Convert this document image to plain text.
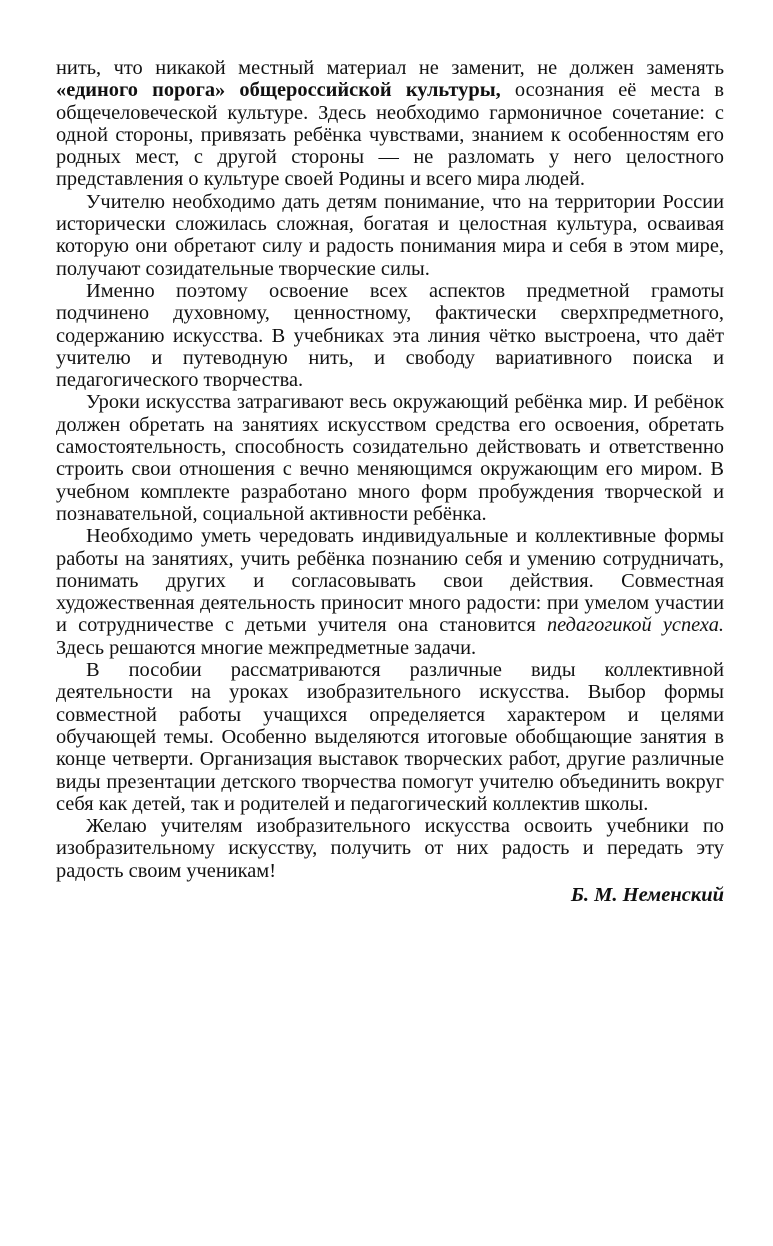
нить, что никакой местный материал не заменит, не должен заменять «единого порога» общероссийской культуры, осознания её места в общечеловеческой культуре. Здесь необходимо гармоничное сочетание: с одной стороны, привязать ребёнка чувствами, знанием к особенностям его родных мест, с другой стороны — не разломать у него целостного представления о культуре своей Родины и всего мира людей.

Учителю необходимо дать детям понимание, что на территории России исторически сложилась сложная, богатая и целостная культура, осваивая которую они обретают силу и радость понимания мира и себя в этом мире, получают созидательные творческие силы.

Именно поэтому освоение всех аспектов предметной грамоты подчинено духовному, ценностному, фактически сверхпредметного, содержанию искусства. В учебниках эта линия чётко выстроена, что даёт учителю и путеводную нить, и свободу вариативного поиска и педагогического творчества.

Уроки искусства затрагивают весь окружающий ребёнка мир. И ребёнок должен обретать на занятиях искусством средства его освоения, обретать самостоятельность, способность созидательно действовать и ответственно строить свои отношения с вечно меняющимся окружающим его миром. В учебном комплекте разработано много форм пробуждения творческой и познавательной, социальной активности ребёнка.

Необходимо уметь чередовать индивидуальные и коллективные формы работы на занятиях, учить ребёнка познанию себя и умению сотрудничать, понимать других и согласовывать свои действия. Совместная художественная деятельность приносит много радости: при умелом участии и сотрудничестве с детьми учителя она становится педагогикой успеха. Здесь решаются многие межпредметные задачи.

В пособии рассматриваются различные виды коллективной деятельности на уроках изобразительного искусства. Выбор формы совместной работы учащихся определяется характером и целями обучающей темы. Особенно выделяются итоговые обобщающие занятия в конце четверти. Организация выставок творческих работ, другие различные виды презентации детского творчества помогут учителю объединить вокруг себя как детей, так и родителей и педагогический коллектив школы.

Желаю учителям изобразительного искусства освоить учебники по изобразительному искусству, получить от них радость и передать эту радость своим ученикам!

Б. М. Неменский
